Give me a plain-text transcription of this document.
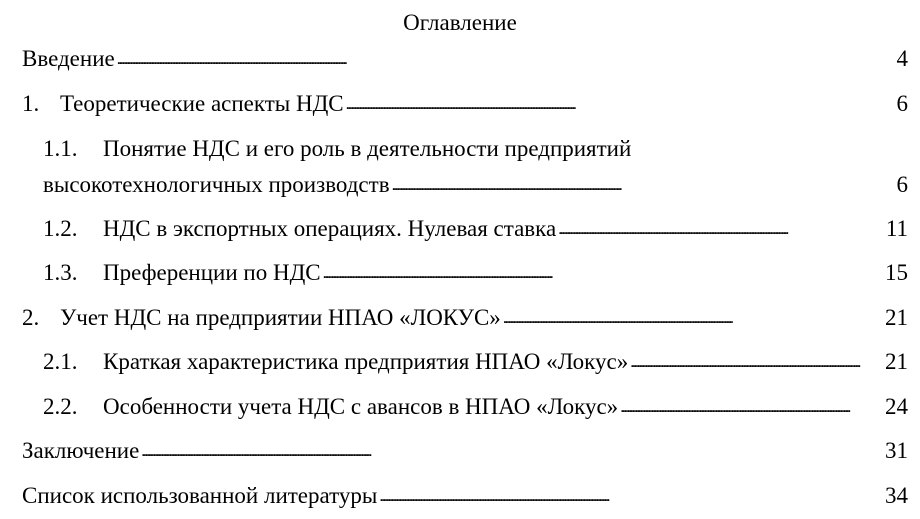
Оглавление
Введение . . .	4
1. Теоретические аспекты НДС . . .	6
1.1. Понятие НДС и его роль в деятельности предприятий
высокотехнологичных производств . . .	6
1.2.	НДС в экспортных операциях. Нулевая ставка . . .	11
1.3.	Преференции по НДС . . .	15
2. Учет НДС на предприятии НПАО «ЛОКУС» . . .	21
2.1.	Краткая характеристика предприятия НПАО «Локус» . . .	21
2.2.	Особенности учета НДС с авансов в НПАО «Локус» . . .	24
Заключение . . .	31
Список использованной литературы . . .	34
